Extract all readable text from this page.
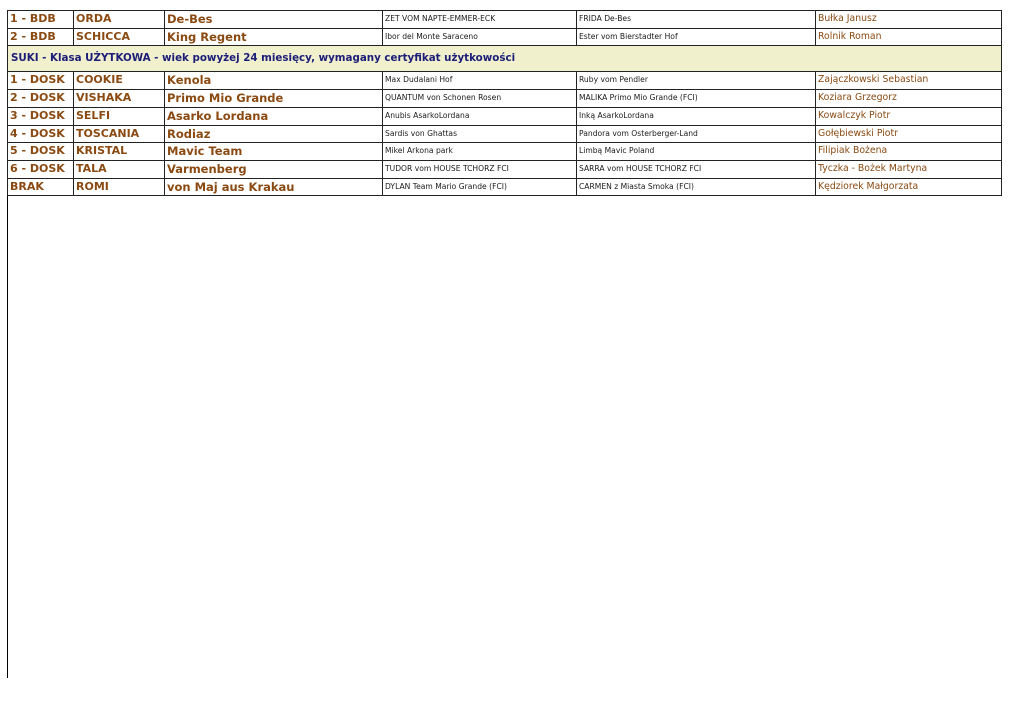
1 - BDB	ORDA	De-Bes	ZET VOM NAPTE-EMMER-ECK	FRIDA De-Bes	Bułka Janusz
2 - BDB	SCHICCA	King Regent	Ibor del Monte Saraceno	Ester vom Bierstadter Hof	Rolnik Roman
SUKI - Klasa UŻYTKOWA - wiek powyżej 24 miesięcy, wymagany certyfikat użytkowości					
1 - DOSK	COOKIE	Kenola	Max Dudalani Hof	Ruby vom Pendler	Zajączkowski Sebastian
2 - DOSK	VISHAKA	Primo Mio Grande	QUANTUM von Schonen Rosen	MALIKA Primo Mio Grande (FCI)	Koziara Grzegorz
3 - DOSK	SELFI	Asarko Lordana	Anubis AsarkoLordana	Inką AsarkoLordana	Kowalczyk Piotr
4 - DOSK	TOSCANIA	Rodiaz	Sardis von Ghattas	Pandora vom Osterberger-Land	Gołębiewski Piotr
5 - DOSK	KRISTAL	Mavic Team	Mikel Arkona park	Limbą Mavic Poland	Filipiak Bożena
6 - DOSK	TALA	Varmenberg	TUDOR vom HOUSE TCHORZ FCI	SARRA vom HOUSE TCHORZ FCI	Tyczka - Bożek Martyna
BRAK	ROMI	von Maj aus Krakau	DYLAN Team Mario Grande (FCI)	CARMEN z Miasta Smoka (FCI)	Kędziorek Małgorzata
